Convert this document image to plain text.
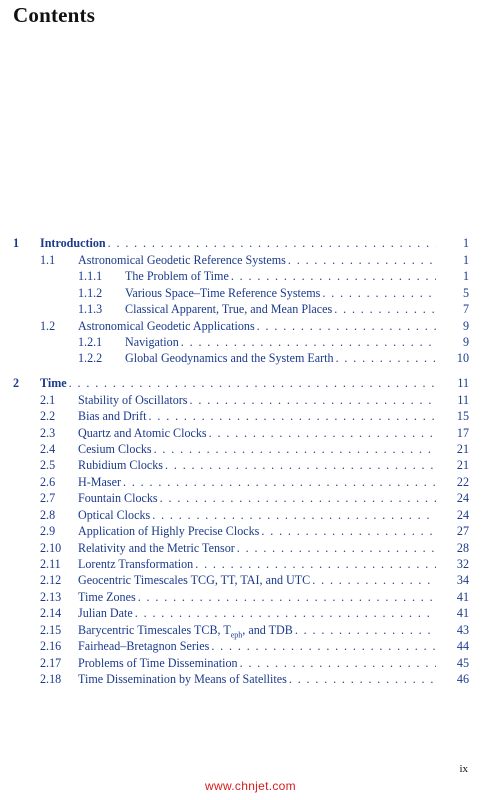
Contents
1 Introduction . . .	1
1.1 Astronomical Geodetic Reference Systems . . .	1
1.1.1 The Problem of Time . . .	1
1.1.2 Various Space–Time Reference Systems . . .	5
1.1.3 Classical Apparent, True, and Mean Places . . .	7
1.2 Astronomical Geodetic Applications . . .	9
1.2.1 Navigation . . .	9
1.2.2 Global Geodynamics and the System Earth . . .	10
2 Time . . .	11
2.1 Stability of Oscillators . . .	11
2.2 Bias and Drift . . .	15
2.3 Quartz and Atomic Clocks . . .	17
2.4 Cesium Clocks . . .	21
2.5 Rubidium Clocks . . .	21
2.6 H-Maser . . .	22
2.7 Fountain Clocks . . .	24
2.8 Optical Clocks . . .	24
2.9 Application of Highly Precise Clocks . . .	27
2.10 Relativity and the Metric Tensor . . .	28
2.11 Lorentz Transformation . . .	32
2.12 Geocentric Timescales TCG, TT, TAI, and UTC . . .	34
2.13 Time Zones . . .	41
2.14 Julian Date . . .	41
2.15 Barycentric Timescales TCB, $T_{eph}$, and TDB . . .	43
2.16 Fairhead–Bretagnon Series . . .	44
2.17 Problems of Time Dissemination . . .	45
2.18 Time Dissemination by Means of Satellites . . .	46
ix
www.chnjet.com
